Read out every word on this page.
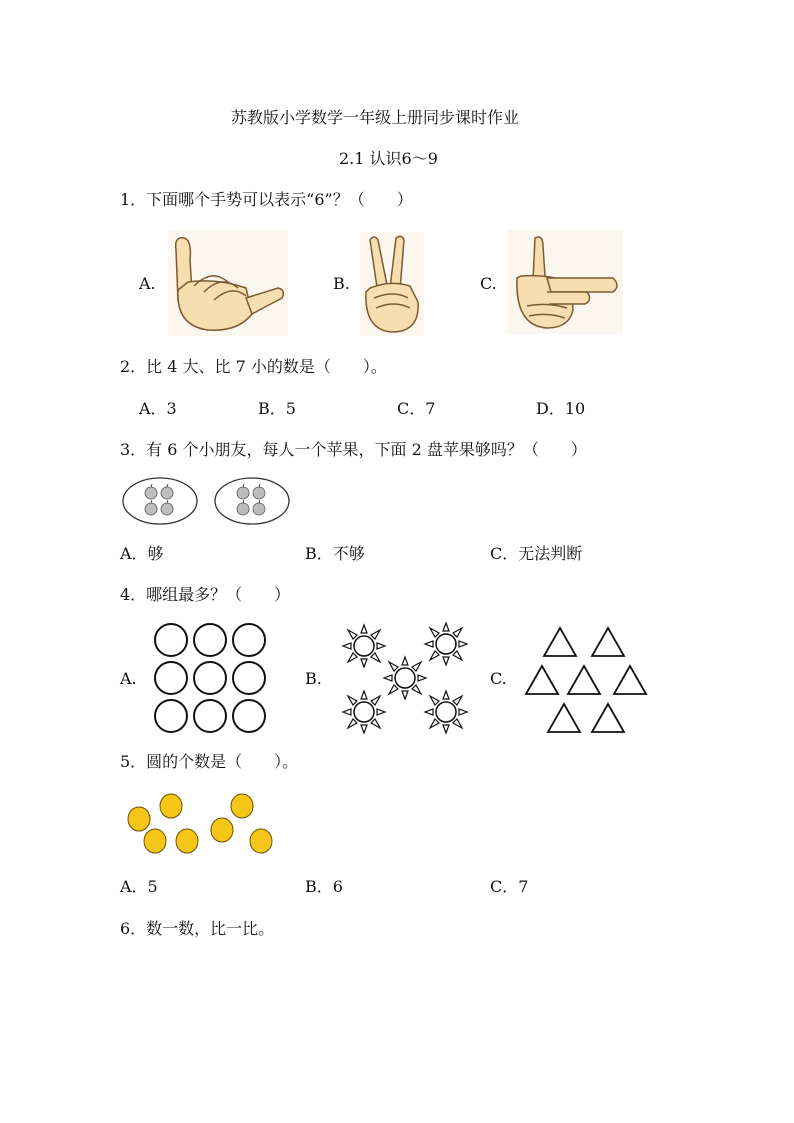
苏教版小学数学一年级上册同步课时作业
2.1 认识6～9
1．下面哪个手势可以表示“6”？（　　）
A.	B.	C.
2．比 4 大、比 7 小的数是（　　）。
A．3	B．5	C．7	D．10
3．有 6 个小朋友，每人一个苹果，下面 2 盘苹果够吗？（　　）
A．够	B．不够	C．无法判断
4．哪组最多？（　　）
A.	B.	C.
5．圆的个数是（　　）。
A．5	B．6	C．7
6．数一数，比一比。
